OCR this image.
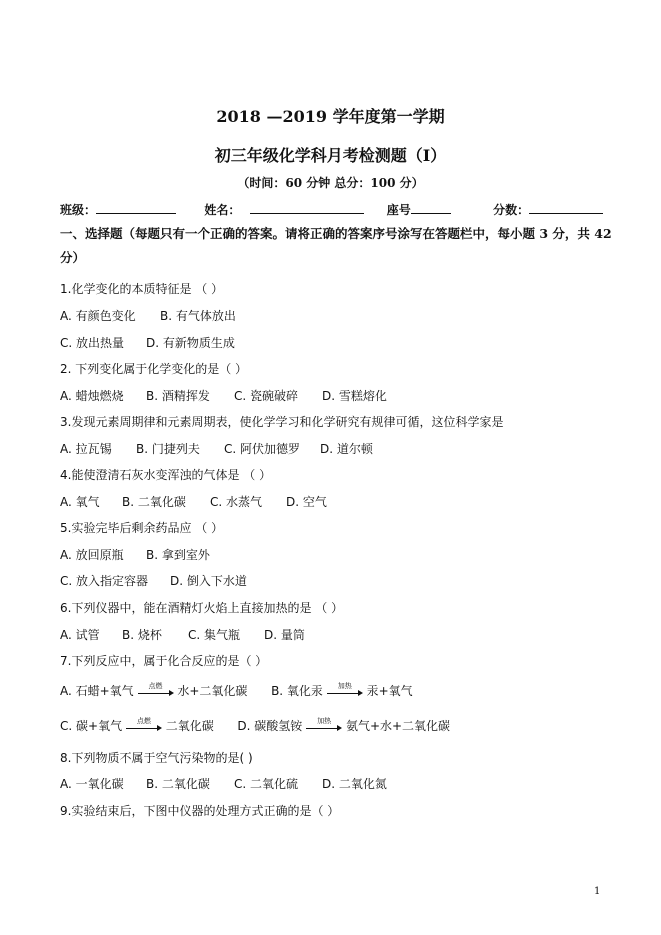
2018 —2019 学年度第一学期
初三年级化学科月考检测题（Ⅰ）
（时间：60 分钟 总分：100 分）
班级：	姓名：	座号	分数：
一、选择题（每题只有一个正确的答案。请将正确的答案序号涂写在答题栏中，每小题 3 分，共 42 分）
1.化学变化的本质特征是 （ ）
A. 有颜色变化 B. 有气体放出
C. 放出热量 D. 有新物质生成
2. 下列变化属于化学变化的是（ ）
A. 蜡烛燃烧 B. 酒精挥发 C. 瓷碗破碎 D. 雪糕熔化
3.发现元素周期律和元素周期表，使化学学习和化学研究有规律可循，这位科学家是
A. 拉瓦锡 B. 门捷列夫 C. 阿伏加德罗 D. 道尔顿
4.能使澄清石灰水变浑浊的气体是 （ ）
A. 氧气 B. 二氧化碳 C. 水蒸气 D. 空气
5.实验完毕后剩余药品应 （ ）
A. 放回原瓶 B. 拿到室外
C. 放入指定容器 D. 倒入下水道
6.下列仪器中，能在酒精灯火焰上直接加热的是 （ ）
A. 试管 B. 烧杯 C. 集气瓶 D. 量筒
7.下列反应中，属于化合反应的是（ ）
A. 石蜡+氧气	点燃	水+二氧化碳 B. 氧化汞	加热	汞+氧气
C. 碳+氧气	点燃	二氧化碳 D. 碳酸氢铵	加热	氨气+水+二氧化碳
8.下列物质不属于空气污染物的是( )
A. 一氧化碳 B. 二氧化碳 C. 二氧化硫 D. 二氧化氮
9.实验结束后，下图中仪器的处理方式正确的是（ ）
1
